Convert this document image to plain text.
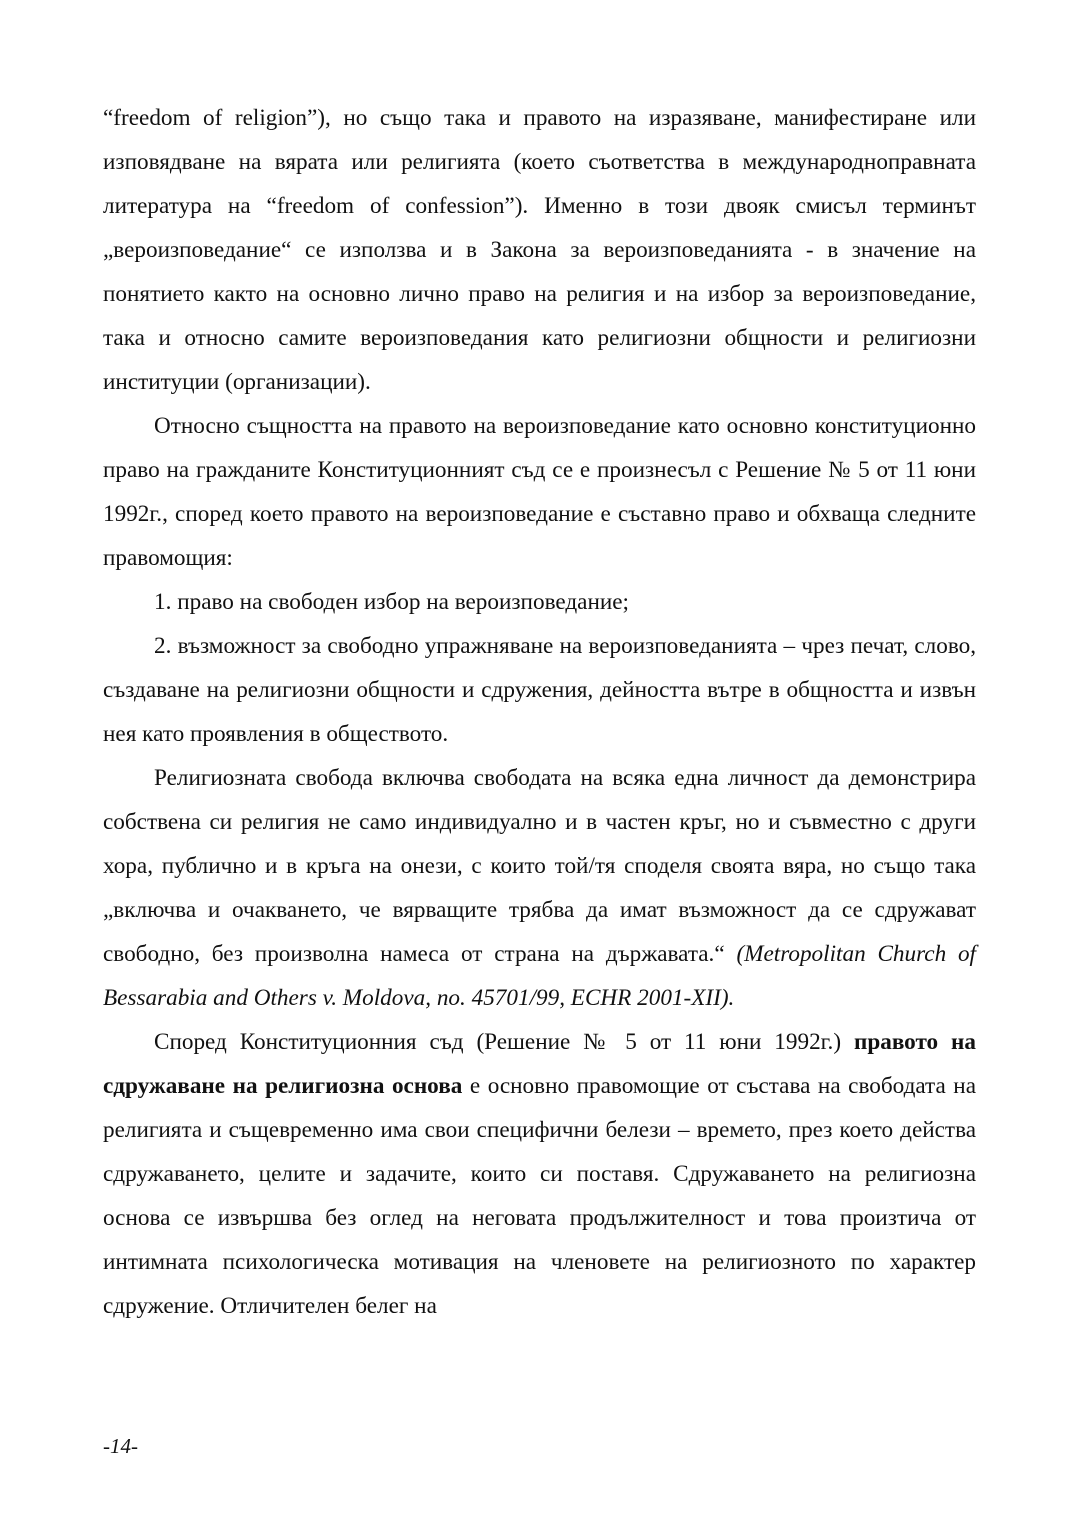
“freedom of religion”), но също така и правото на изразяване, манифестиране или изповядване на вярата или религията (което съответства в международноправната литература на “freedom of confession”). Именно в този двояк смисъл терминът „вероизповедание“ се използва и в Закона за вероизповеданията - в значение на понятието както на основно лично право на религия и на избор за вероизповедание, така и относно самите вероизповедания като религиозни общности и религиозни институции (организации).

Относно същността на правото на вероизповедание като основно конституционно право на гражданите Конституционният съд се е произнесъл с Решение № 5 от 11 юни 1992г., според което правото на вероизповедание е съставно право и обхваща следните правомощия:

1. право на свободен избор на вероизповедание;

2. възможност за свободно упражняване на вероизповеданията – чрез печат, слово, създаване на религиозни общности и сдружения, дейността вътре в общността и извън нея като проявления в обществото.

Религиозната свобода включва свободата на всяка една личност да демонстрира собствена си религия не само индивидуално и в частен кръг, но и съвместно с други хора, публично и в кръга на онези, с които той/тя споделя своята вяра, но също така „включва и очакването, че вярващите трябва да имат възможност да се сдружават свободно, без произволна намеса от страна на държавата.“ (Metropolitan Church of Bessarabia and Others v. Moldova, no. 45701/99, ECHR 2001-XII).

Според Конституционния съд (Решение № 5 от 11 юни 1992г.) правото на сдружаване на религиозна основа е основно правомощие от състава на свободата на религията и същевременно има свои специфични белези – времето, през което действа сдружаването, целите и задачите, които си поставя. Сдружаването на религиозна основа се извършва без оглед на неговата продължителност и това произтича от интимната психологическа мотивация на членовете на религиозното по характер сдружение. Отличителен белег на

-14-
